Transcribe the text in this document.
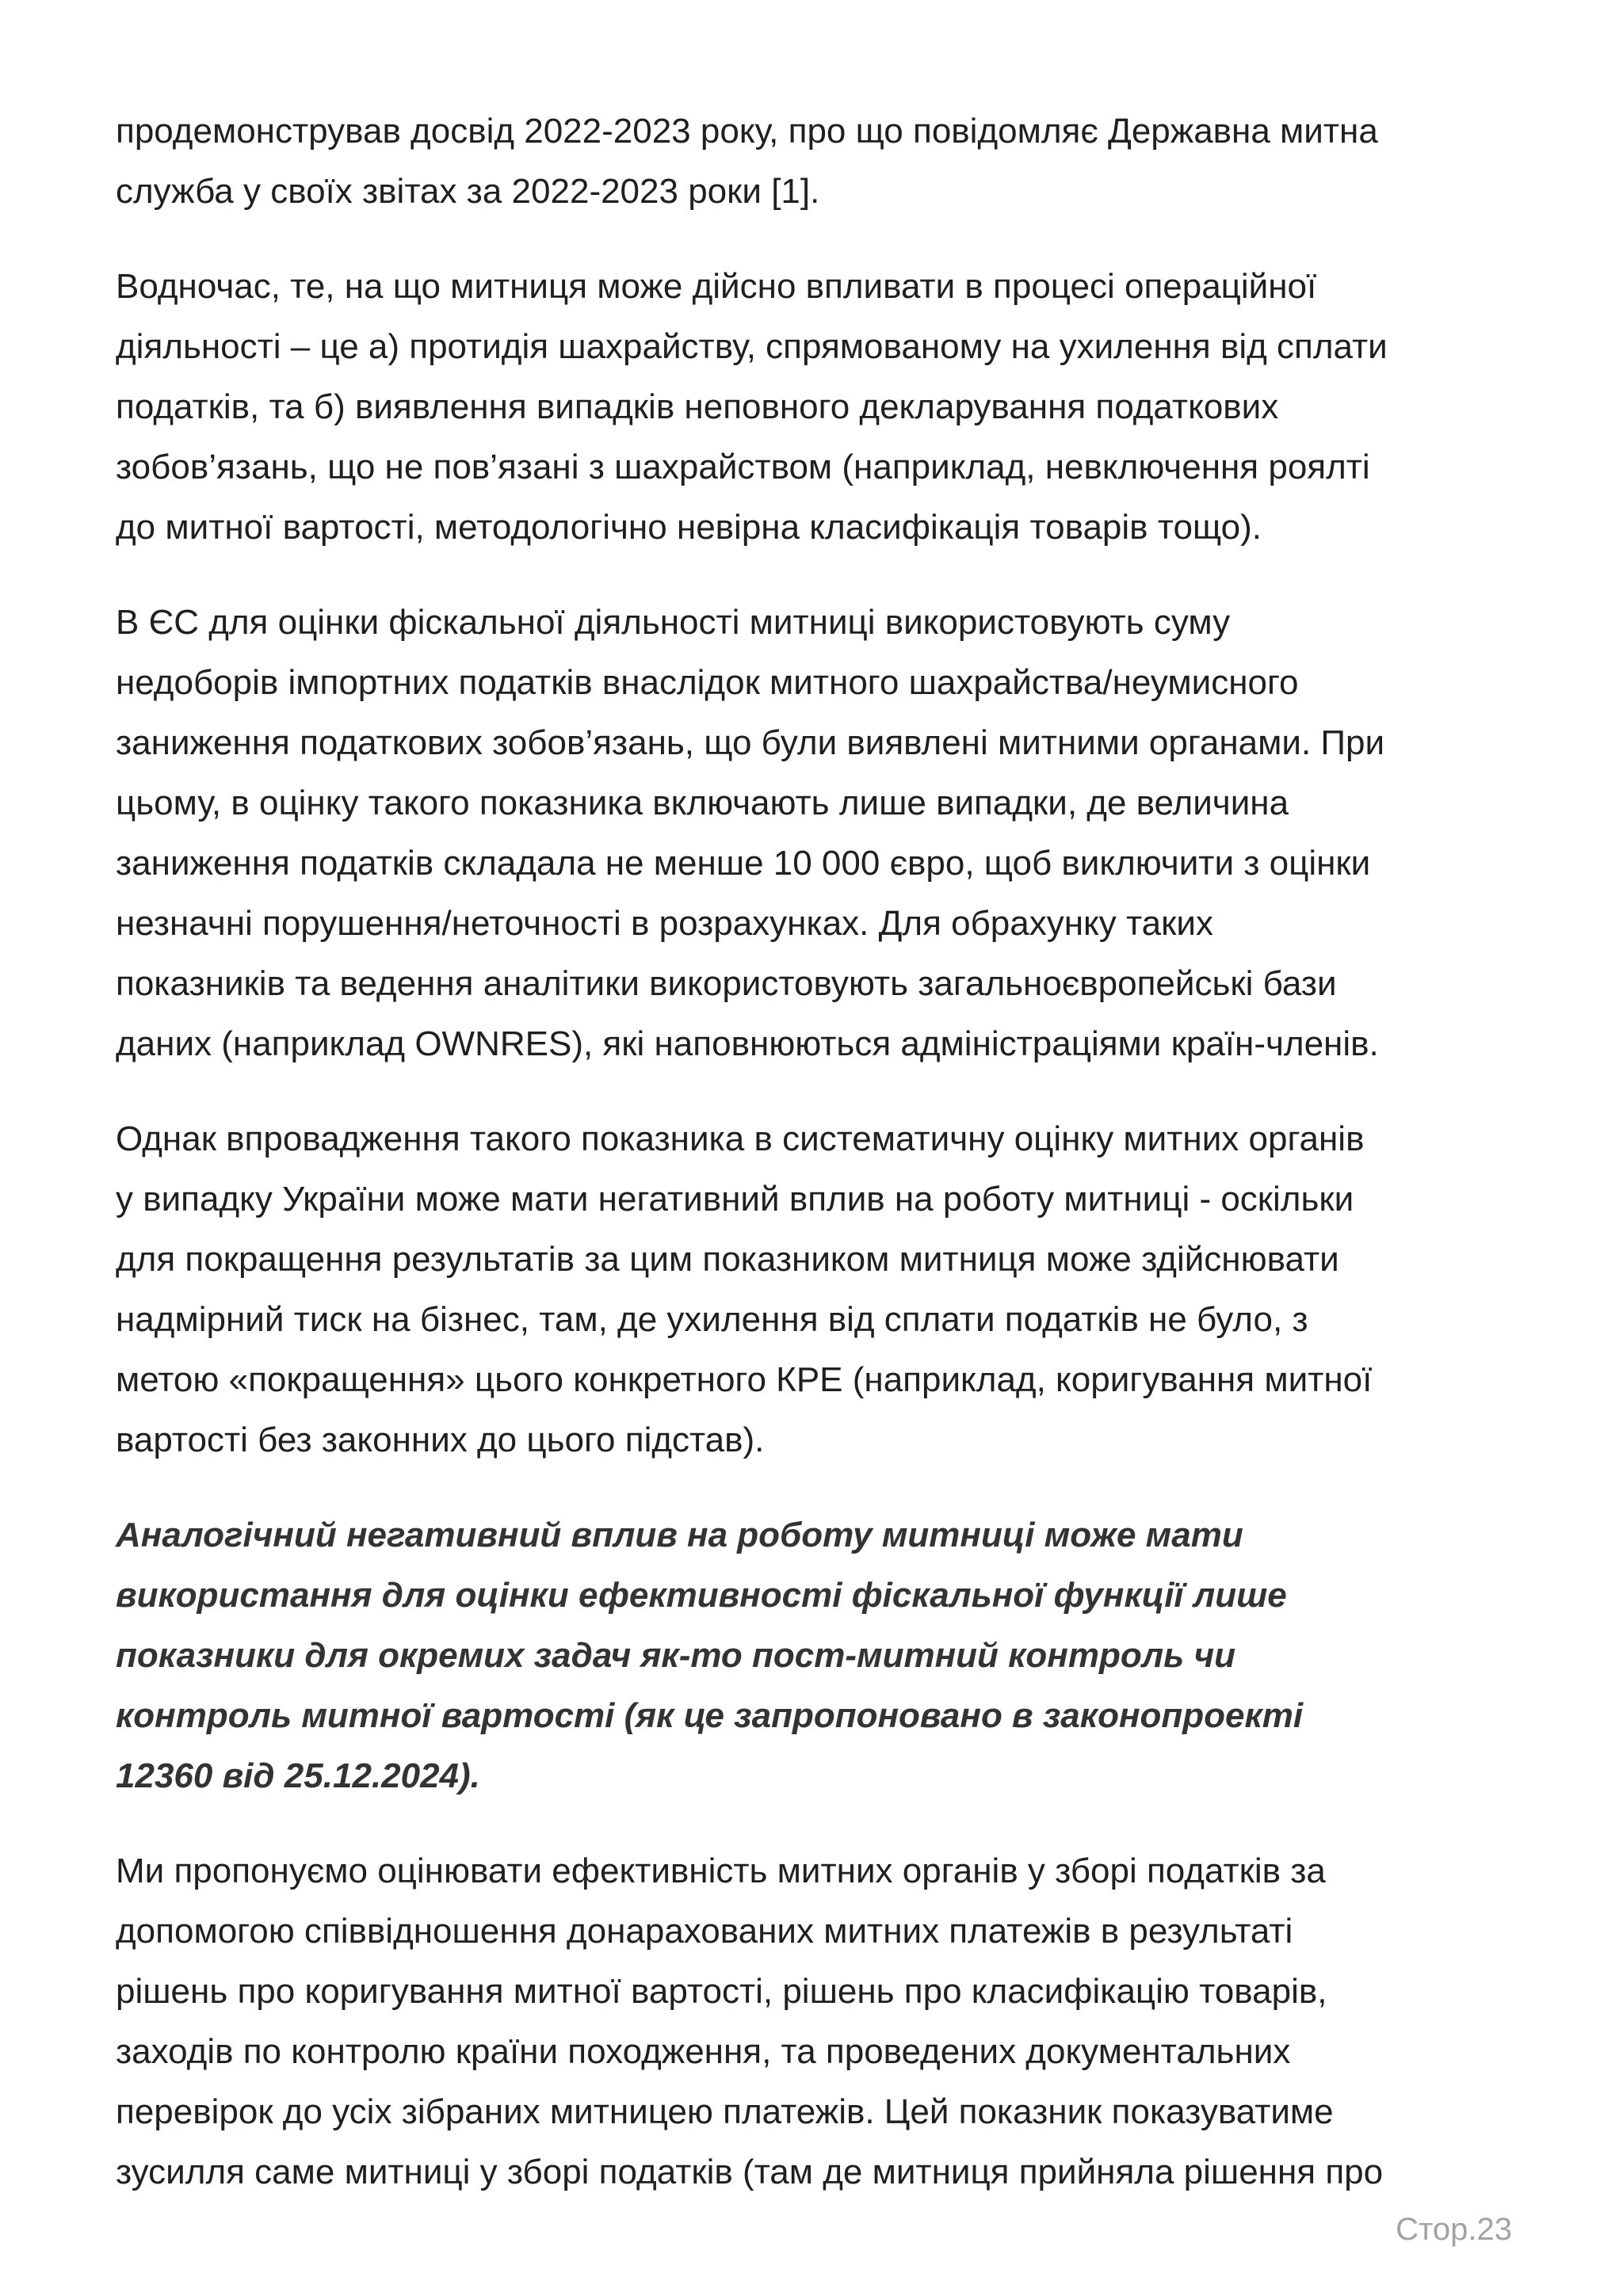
продемонстрував досвід 2022-2023 року, про що повідомляє Державна митна
служба у своїх звітах за 2022-2023 роки [1].

Водночас, те, на що митниця може дійсно впливати в процесі операційної
діяльності – це а) протидія шахрайству, спрямованому на ухилення від сплати
податків, та б) виявлення випадків неповного декларування податкових
зобов’язань, що не пов’язані з шахрайством (наприклад, невключення роялті
до митної вартості, методологічно невірна класифікація товарів тощо).

В ЄС для оцінки фіскальної діяльності митниці використовують суму
недоборів імпортних податків внаслідок митного шахрайства/неумисного
заниження податкових зобов’язань, що були виявлені митними органами. При
цьому, в оцінку такого показника включають лише випадки, де величина
заниження податків складала не менше 10 000 євро, щоб виключити з оцінки
незначні порушення/неточності в розрахунках. Для обрахунку таких
показників та ведення аналітики використовують загальноєвропейські бази
даних (наприклад OWNRES), які наповнюються адміністраціями країн-членів.

Однак впровадження такого показника в систематичну оцінку митних органів
у випадку України може мати негативний вплив на роботу митниці - оскільки
для покращення результатів за цим показником митниця може здійснювати
надмірний тиск на бізнес, там, де ухилення від сплати податків не було, з
метою «покращення» цього конкретного КРЕ (наприклад, коригування митної
вартості без законних до цього підстав).

Аналогічний негативний вплив на роботу митниці може мати
використання для оцінки ефективності фіскальної функції лише
показники для окремих задач як-то пост-митний контроль чи
контроль митної вартості (як це запропоновано в законопроекті
12360 від 25.12.2024).

Ми пропонуємо оцінювати ефективність митних органів у зборі податків за
допомогою співвідношення донарахованих митних платежів в результаті
рішень про коригування митної вартості, рішень про класифікацію товарів,
заходів по контролю країни походження, та проведених документальних
перевірок до усіх зібраних митницею платежів. Цей показник показуватиме
зусилля саме митниці у зборі податків (там де митниця прийняла рішення про

Стор.23
